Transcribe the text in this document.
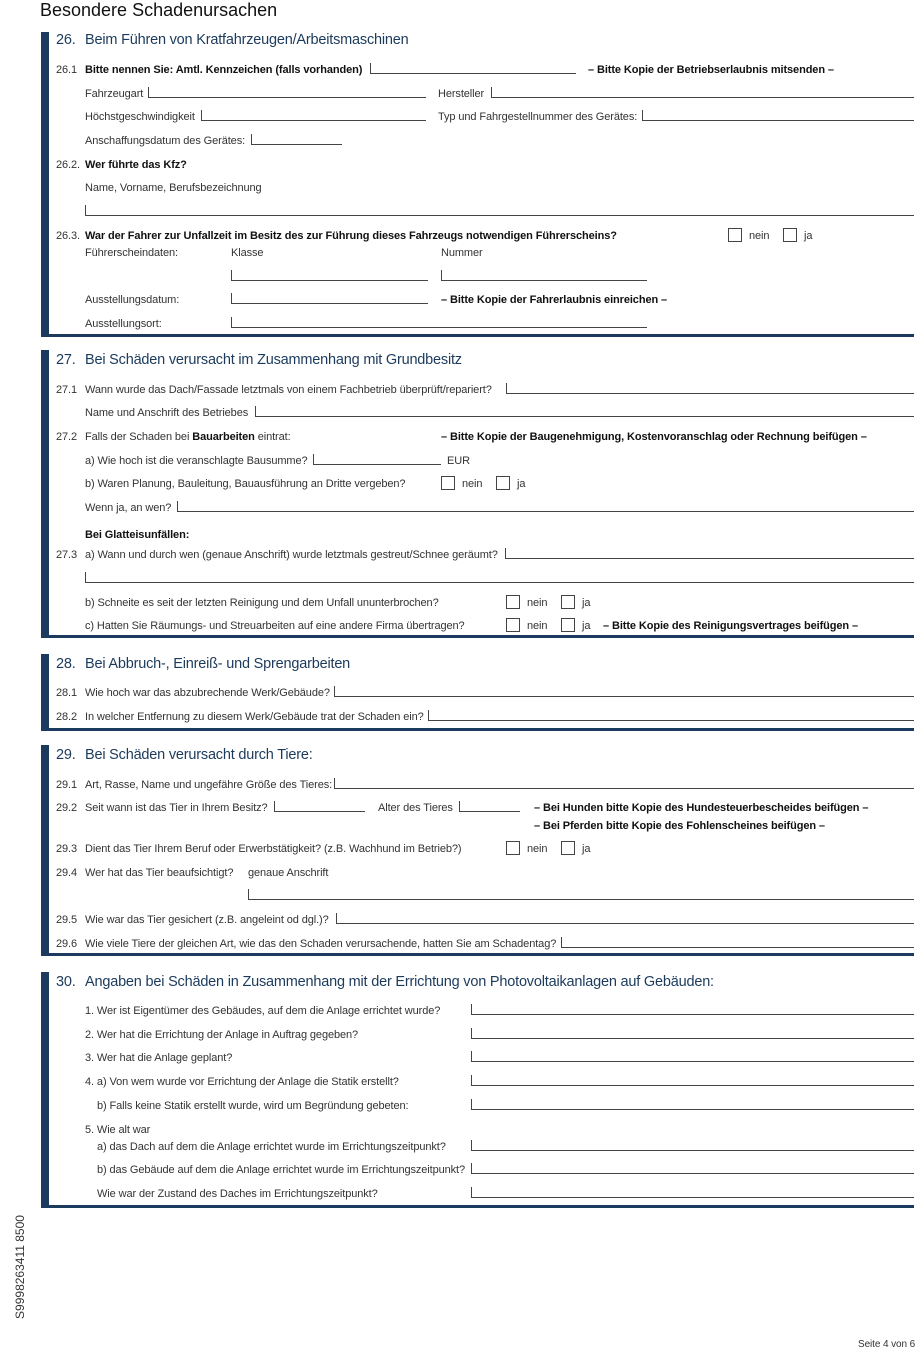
Besondere Schadenursachen
26. Beim Führen von Kratfahrzeugen/Arbeitsmaschinen
26.1 Bitte nennen Sie: Amtl. Kennzeichen (falls vorhanden)	– Bitte Kopie der Betriebserlaubnis mitsenden –
Fahrzeugart	Hersteller
Höchstgeschwindigkeit	Typ und Fahrgestellnummer des Gerätes:
Anschaffungsdatum des Gerätes:
26.2. Wer führte das Kfz?
Name, Vorname, Berufsbezeichnung
26.3. War der Fahrer zur Unfallzeit im Besitz des zur Führung dieses Fahrzeugs notwendigen Führerscheins?	nein	ja
Führerscheindaten:	Klasse	Nummer
Ausstellungsdatum:	– Bitte Kopie der Fahrerlaubnis einreichen –
Ausstellungsort:
27. Bei Schäden verursacht im Zusammenhang mit Grundbesitz
27.1 Wann wurde das Dach/Fassade letztmals von einem Fachbetrieb überprüft/repariert?
Name und Anschrift des Betriebes
27.2 Falls der Schaden bei Bauarbeiten eintrat:	– Bitte Kopie der Baugenehmigung, Kostenvoranschlag oder Rechnung beifügen –
a) Wie hoch ist die veranschlagte Bausumme?	EUR
b) Waren Planung, Bauleitung, Bauausführung an Dritte vergeben?	nein	ja
Wenn ja, an wen?
Bei Glatteisunfällen:
27.3 a) Wann und durch wen (genaue Anschrift) wurde letztmals gestreut/Schnee geräumt?
b) Schneite es seit der letzten Reinigung und dem Unfall ununterbrochen?	nein	ja
c) Hatten Sie Räumungs- und Streuarbeiten auf eine andere Firma übertragen?	nein	ja – Bitte Kopie des Reinigungsvertrages beifügen –
28. Bei Abbruch-, Einreiß- und Sprengarbeiten
28.1 Wie hoch war das abzubrechende Werk/Gebäude?
28.2 In welcher Entfernung zu diesem Werk/Gebäude trat der Schaden ein?
29. Bei Schäden verursacht durch Tiere:
29.1 Art, Rasse, Name und ungefähre Größe des Tieres:
29.2 Seit wann ist das Tier in Ihrem Besitz?	Alter des Tieres	– Bei Hunden bitte Kopie des Hundesteuerbescheides beifügen –
– Bei Pferden bitte Kopie des Fohlenscheines beifügen –
29.3 Dient das Tier Ihrem Beruf oder Erwerbstätigkeit? (z.B. Wachhund im Betrieb?)	nein	ja
29.4 Wer hat das Tier beaufsichtigt? genaue Anschrift
29.5 Wie war das Tier gesichert (z.B. angeleint od dgl.)?
29.6 Wie viele Tiere der gleichen Art, wie das den Schaden verursachende, hatten Sie am Schadentag?
30. Angaben bei Schäden in Zusammenhang mit der Errichtung von Photovoltaikanlagen auf Gebäuden:
1. Wer ist Eigentümer des Gebäudes, auf dem die Anlage errichtet wurde?
2. Wer hat die Errichtung der Anlage in Auftrag gegeben?
3. Wer hat die Anlage geplant?
4. a) Von wem wurde vor Errichtung der Anlage die Statik erstellt?
b) Falls keine Statik erstellt wurde, wird um Begründung gebeten:
5. Wie alt war
a) das Dach auf dem die Anlage errichtet wurde im Errichtungszeitpunkt?
b) das Gebäude auf dem die Anlage errichtet wurde im Errichtungszeitpunkt?
Wie war der Zustand des Daches im Errichtungszeitpunkt?
S9998263411 8500
Seite 4 von 6
